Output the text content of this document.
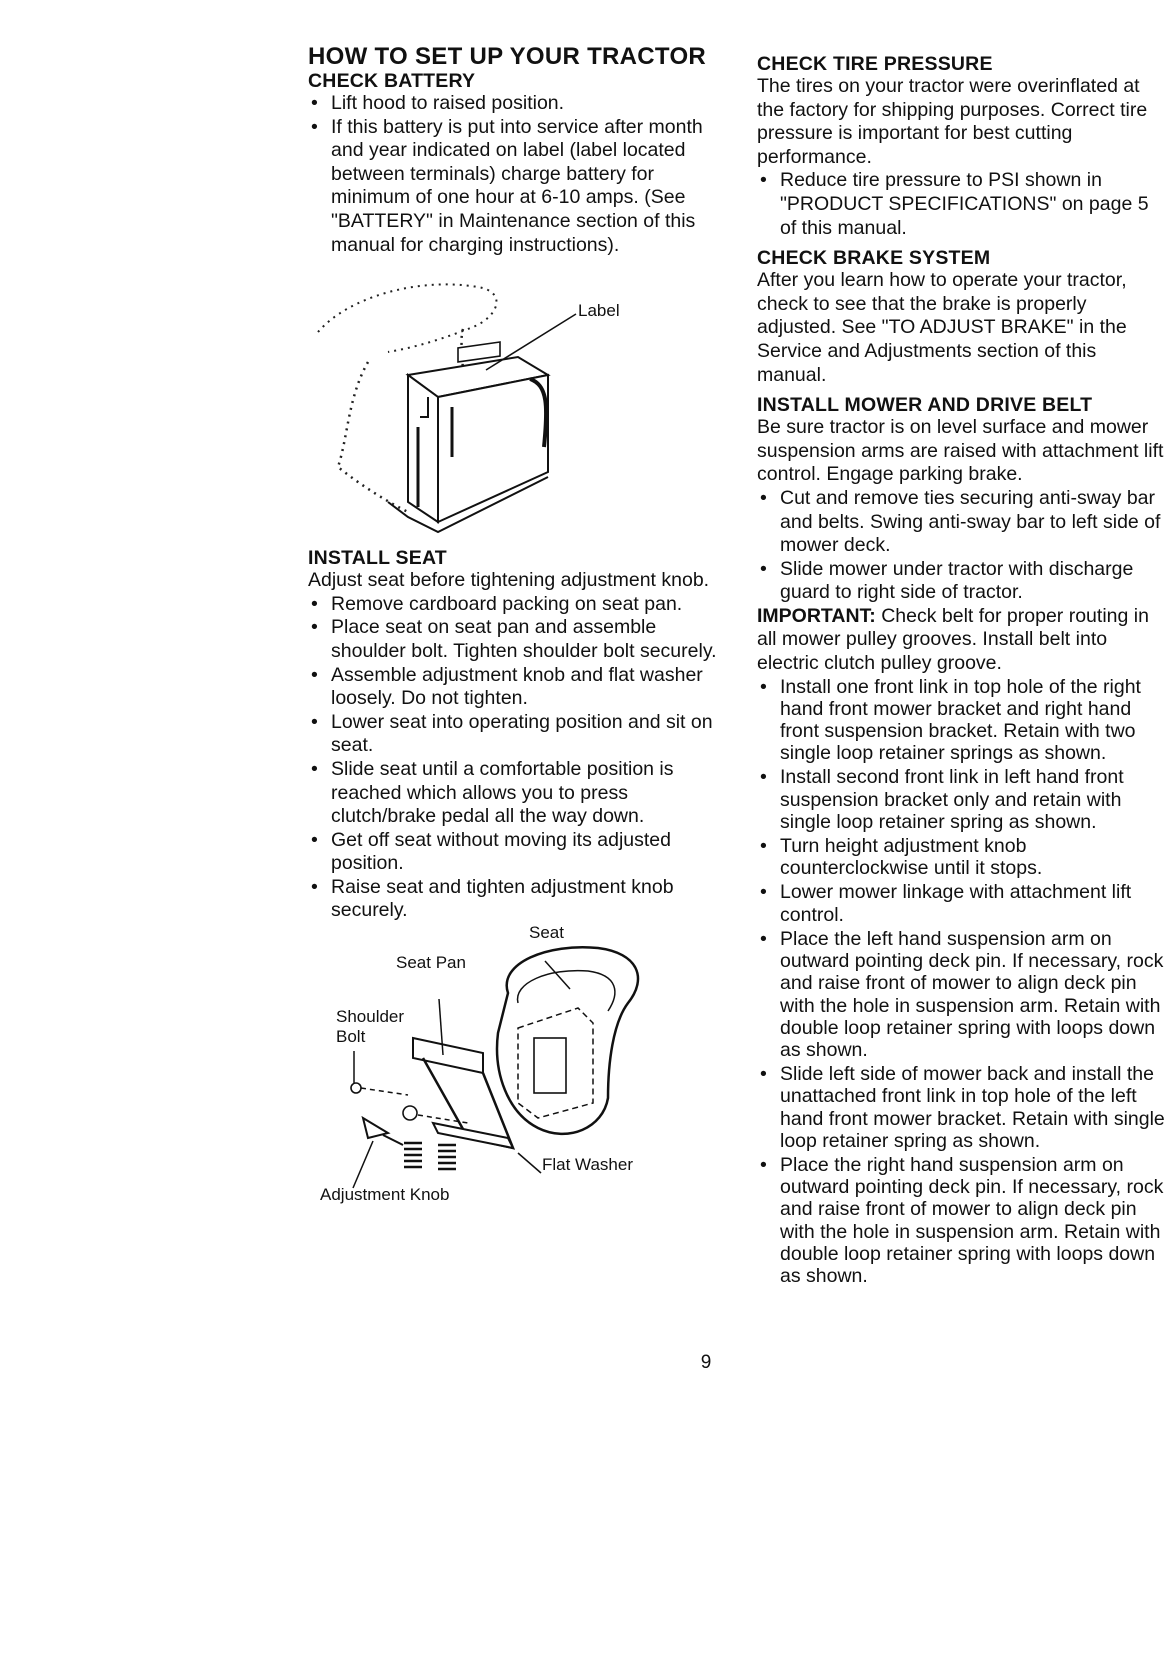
HOW TO SET UP YOUR TRACTOR
CHECK BATTERY
• Lift hood to raised position.
• If this battery is put into service after month and year indicated on label (label located between terminals) charge battery for minimum of one hour at 6-10 amps. (See "BATTERY" in Maintenance section of this manual for charging instructions).
Label
INSTALL SEAT

Adjust seat before tightening adjustment knob.

• Remove cardboard packing on seat pan.
• Place seat on seat pan and assemble shoulder bolt. Tighten shoulder bolt securely.
• Assemble adjustment knob and flat washer loosely. Do not tighten.
• Lower seat into operating position and sit on seat.
• Slide seat until a comfortable position is reached which allows you to press clutch/brake pedal all the way down.
• Get off seat without moving its adjusted position.
• Raise seat and tighten adjustment knob securely.
Seat
Seat Pan
Shoulder
Bolt
Flat Washer
Adjustment Knob
CHECK TIRE PRESSURE

The tires on your tractor were overinflated at the factory for shipping purposes. Correct tire pressure is important for best cutting performance.

• Reduce tire pressure to PSI shown in "PRODUCT SPECIFICATIONS" on page 5 of this manual.
CHECK BRAKE SYSTEM

After you learn how to operate your tractor, check to see that the brake is properly adjusted. See "TO ADJUST BRAKE" in the Service and Adjustments section of this manual.

INSTALL MOWER AND DRIVE BELT

Be sure tractor is on level surface and mower suspension arms are raised with attachment lift control. Engage parking brake.

• Cut and remove ties securing anti-sway bar and belts. Swing anti-sway bar to left side of mower deck.
• Slide mower under tractor with discharge guard to right side of tractor.

IMPORTANT: Check belt for proper routing in all mower pulley grooves. Install belt into electric clutch pulley groove.

• Install one front link in top hole of the right hand front mower bracket and right hand front suspension bracket. Retain with two single loop retainer springs as shown.
• Install second front link in left hand front suspension bracket only and retain with single loop retainer spring as shown.
• Turn height adjustment knob counterclockwise until it stops.
• Lower mower linkage with attachment lift control.
• Place the left hand suspension arm on outward pointing deck pin. If necessary, rock and raise front of mower to align deck pin with the hole in suspension arm. Retain with double loop retainer spring with loops down as shown.
• Slide left side of mower back and install the unattached front link in top hole of the left hand front mower bracket. Retain with single loop retainer spring as shown.
• Place the right hand suspension arm on outward pointing deck pin. If necessary, rock and raise front of mower to align deck pin with the hole in suspension arm. Retain with double loop retainer spring with loops down as shown.
9
